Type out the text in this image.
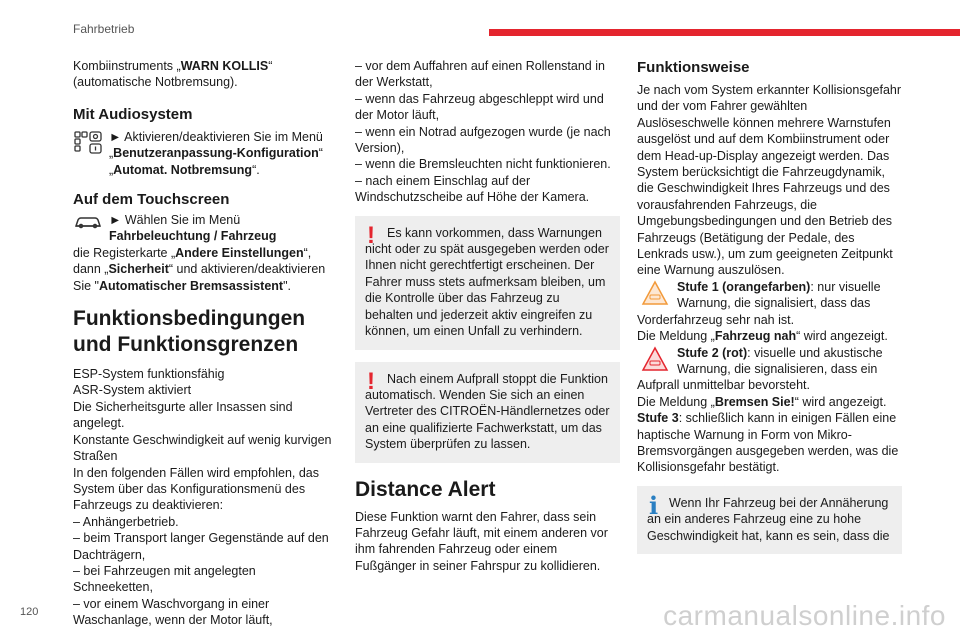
Fahrbetrieb

Kombiinstruments „WARN KOLLIS“ (automatische Notbremsung).

Mit Audiosystem

► Aktivieren/deaktivieren Sie im Menü „Benutzeranpassung-Konfiguration“ „Automat. Notbremsung“.

Auf dem Touchscreen

► Wählen Sie im Menü Fahrbeleuchtung / Fahrzeug

die Registerkarte „Andere Einstellungen“, dann „Sicherheit“ und aktivieren/deaktivieren Sie "Automatischer Bremsassistent".

Funktionsbedingungen und Funktionsgrenzen

ESP-System funktionsfähig

ASR-System aktiviert

Die Sicherheitsgurte aller Insassen sind angelegt.

Konstante Geschwindigkeit auf wenig kurvigen Straßen

In den folgenden Fällen wird empfohlen, das System über das Konfigurationsmenü des Fahrzeugs zu deaktivieren:

– Anhängerbetrieb.

– beim Transport langer Gegenstände auf den Dachträgern,

– bei Fahrzeugen mit angelegten Schneeketten,

– vor einem Waschvorgang in einer Waschanlage, wenn der Motor läuft,

– vor dem Auffahren auf einen Rollenstand in der Werkstatt,

– wenn das Fahrzeug abgeschleppt wird und der Motor läuft,

– wenn ein Notrad aufgezogen wurde (je nach Version),

– wenn die Bremsleuchten nicht funktionieren.

– nach einem Einschlag auf der Windschutzscheibe auf Höhe der Kamera.

! Es kann vorkommen, dass Warnungen nicht oder zu spät ausgegeben werden oder Ihnen nicht gerechtfertigt erscheinen. Der Fahrer muss stets aufmerksam bleiben, um die Kontrolle über das Fahrzeug zu behalten und jederzeit aktiv eingreifen zu können, um einen Unfall zu verhindern.

! Nach einem Aufprall stoppt die Funktion automatisch. Wenden Sie sich an einen Vertreter des CITROËN-Händlernetzes oder an eine qualifizierte Fachwerkstatt, um das System überprüfen zu lassen.

Distance Alert

Diese Funktion warnt den Fahrer, dass sein Fahrzeug Gefahr läuft, mit einem anderen vor ihm fahrenden Fahrzeug oder einem Fußgänger in seiner Fahrspur zu kollidieren.

Funktionsweise

Je nach vom System erkannter Kollisionsgefahr und der vom Fahrer gewählten Auslöseschwelle können mehrere Warnstufen ausgelöst und auf dem Kombiinstrument oder dem Head-up-Display angezeigt werden. Das System berücksichtigt die Fahrzeugdynamik, die Geschwindigkeit Ihres Fahrzeugs und des vorausfahrenden Fahrzeugs, die Umgebungsbedingungen und den Betrieb des Fahrzeugs (Betätigung der Pedale, des Lenkrads usw.), um zum geeigneten Zeitpunkt eine Warnung auszulösen.

Stufe 1 (orangefarben): nur visuelle Warnung, die signalisiert, dass das Vorderfahrzeug sehr nah ist.

Die Meldung „Fahrzeug nah“ wird angezeigt.

Stufe 2 (rot): visuelle und akustische Warnung, die signalisieren, dass ein Aufprall unmittelbar bevorsteht.

Die Meldung „Bremsen Sie!“ wird angezeigt.

Stufe 3: schließlich kann in einigen Fällen eine haptische Warnung in Form von Mikro-Bremsvorgängen ausgegeben werden, was die Kollisionsgefahr bestätigt.

i Wenn Ihr Fahrzeug bei der Annäherung an ein anderes Fahrzeug eine zu hohe Geschwindigkeit hat, kann es sein, dass die

120	carmanualsonline.info
